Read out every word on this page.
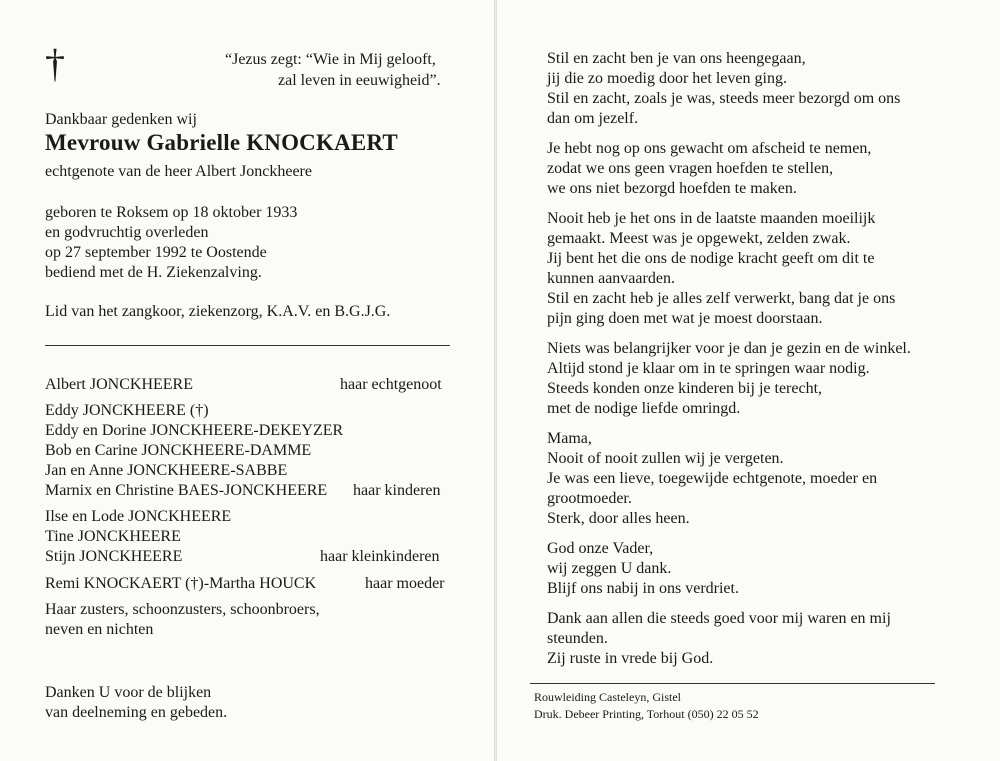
†	“Jezus zegt: “Wie in Mij gelooft,
zal leven in eeuwigheid”.
Dankbaar gedenken wij
Mevrouw Gabrielle KNOCKAERT
echtgenote van de heer Albert Jonckheere
geboren te Roksem op 18 oktober 1933
en godvruchtig overleden
op 27 september 1992 te Oostende
bediend met de H. Ziekenzalving.
Lid van het zangkoor, ziekenzorg, K.A.V. en B.G.J.G.
Albert JONCKHEERE	haar echtgenoot
Eddy JONCKHEERE (†)
Eddy en Dorine JONCKHEERE-DEKEYZER
Bob en Carine JONCKHEERE-DAMME
Jan en Anne JONCKHEERE-SABBE
Marnix en Christine BAES-JONCKHEERE haar kinderen
Ilse en Lode JONCKHEERE
Tine JONCKHEERE
Stijn JONCKHEERE	haar kleinkinderen
Remi KNOCKAERT (†)-Martha HOUCK	haar moeder
Haar zusters, schoonzusters, schoonbroers,
neven en nichten
Danken U voor de blijken
van deelneming en gebeden.

Stil en zacht ben je van ons heengegaan,

jij die zo moedig door het leven ging.

Stil en zacht, zoals je was, steeds meer bezorgd om ons

dan om jezelf.

Je hebt nog op ons gewacht om afscheid te nemen,

zodat we ons geen vragen hoefden te stellen,

we ons niet bezorgd hoefden te maken.

Nooit heb je het ons in de laatste maanden moeilijk

gemaakt. Meest was je opgewekt, zelden zwak.

Jij bent het die ons de nodige kracht geeft om dit te

kunnen aanvaarden.

Stil en zacht heb je alles zelf verwerkt, bang dat je ons

pijn ging doen met wat je moest doorstaan.

Niets was belangrijker voor je dan je gezin en de winkel.

Altijd stond je klaar om in te springen waar nodig.

Steeds konden onze kinderen bij je terecht,

met de nodige liefde omringd.

Mama,

Nooit of nooit zullen wij je vergeten.

Je was een lieve, toegewijde echtgenote, moeder en

grootmoeder.

Sterk, door alles heen.

God onze Vader,

wij zeggen U dank.

Blijf ons nabij in ons verdriet.

Dank aan allen die steeds goed voor mij waren en mij

steunden.

Zij ruste in vrede bij God.

Rouwleiding Casteleyn, Gistel
Druk. Debeer Printing, Torhout (050) 22 05 52
